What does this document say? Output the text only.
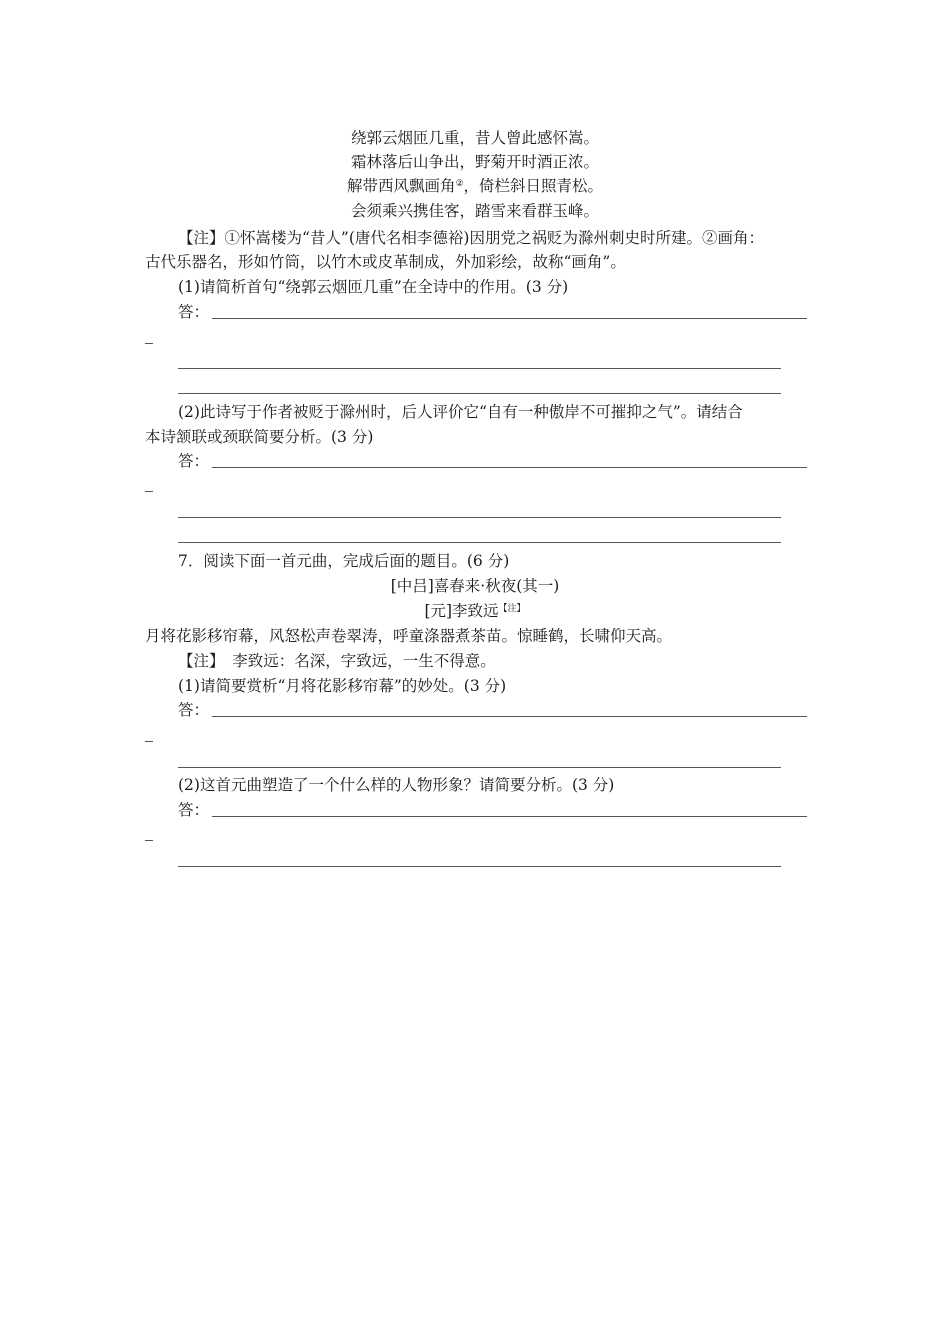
绕郭云烟匝几重，昔人曾此感怀嵩。
霜林落后山争出，野菊开时酒正浓。
解带西风飘画角②，倚栏斜日照青松。
会须乘兴携佳客，踏雪来看群玉峰。
【注】①怀嵩楼为“昔人”(唐代名相李德裕)因朋党之祸贬为滁州刺史时所建。②画角：
古代乐器名，形如竹筒，以竹木或皮革制成，外加彩绘，故称“画角”。
(1)请简析首句“绕郭云烟匝几重”在全诗中的作用。(3 分)
答：
(2)此诗写于作者被贬于滁州时，后人评价它“自有一种傲岸不可摧抑之气”。请结合
本诗颔联或颈联简要分析。(3 分)
答：
7．阅读下面一首元曲，完成后面的题目。(6 分)
[中吕]喜春来·秋夜(其一)
[元]李致远$^{【注】}$
月将花影移帘幕，风怒松声卷翠涛，呼童涤器煮茶苗。惊睡鹤，长啸仰天高。
【注】　李致远：名深，字致远，一生不得意。
(1)请简要赏析“月将花影移帘幕”的妙处。(3 分)
答：
(2)这首元曲塑造了一个什么样的人物形象？请简要分析。(3 分)
答：
